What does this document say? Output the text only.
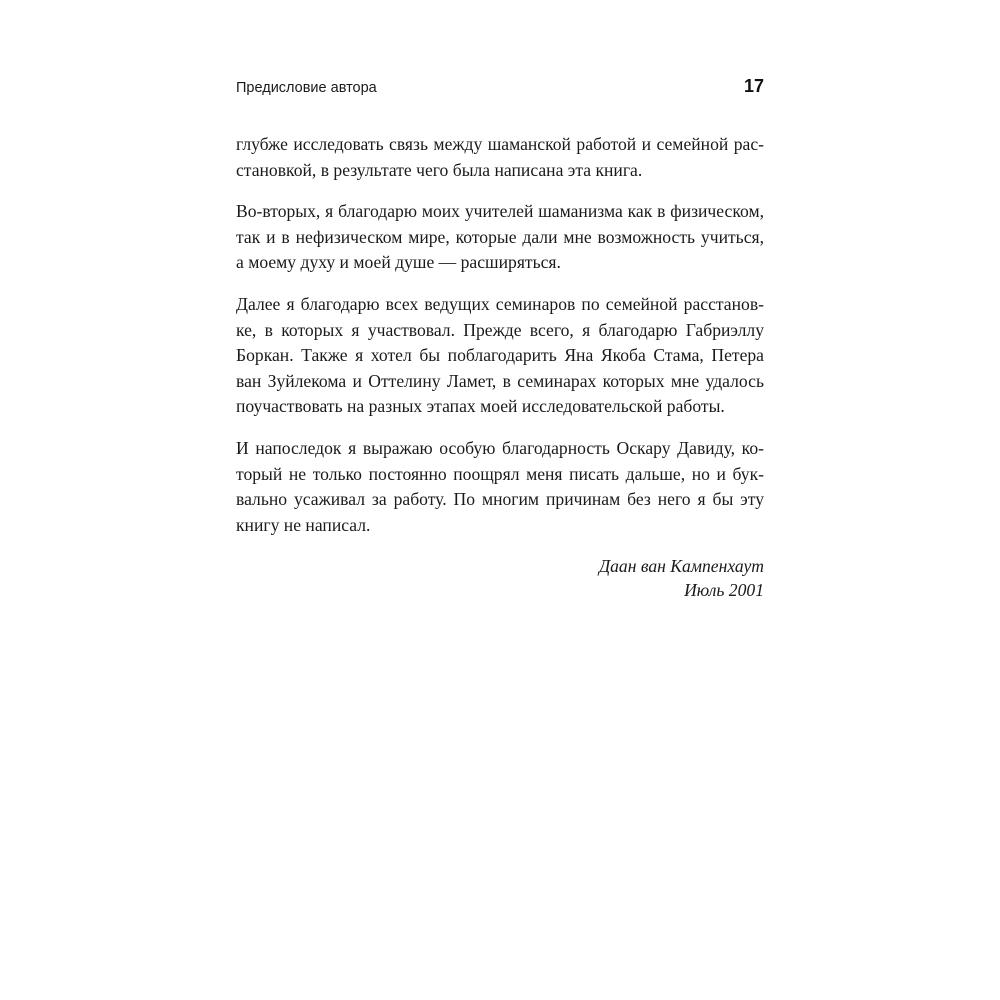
Предисловие автора	17

глубже исследовать связь между шаманской работой и семейной рас-
становкой, в результате чего была написана эта книга.

Во-вторых, я благодарю моих учителей шаманизма как в физическом,
так и в нефизическом мире, которые дали мне возможность учиться,
а моему духу и моей душе — расширяться.

Далее я благодарю всех ведущих семинаров по семейной расстанов-
ке, в которых я участвовал. Прежде всего, я благодарю Габриэллу
Боркан. Также я хотел бы поблагодарить Яна Якоба Стама, Петера
ван Зуйлекома и Оттелину Ламет, в семинарах которых мне удалось
поучаствовать на разных этапах моей исследовательской работы.

И напоследок я выражаю особую благодарность Оскару Давиду, ко-
торый не только постоянно поощрял меня писать дальше, но и бук-
вально усаживал за работу. По многим причинам без него я бы эту
книгу не написал.

Даан ван Кампенхаут
Июль 2001
